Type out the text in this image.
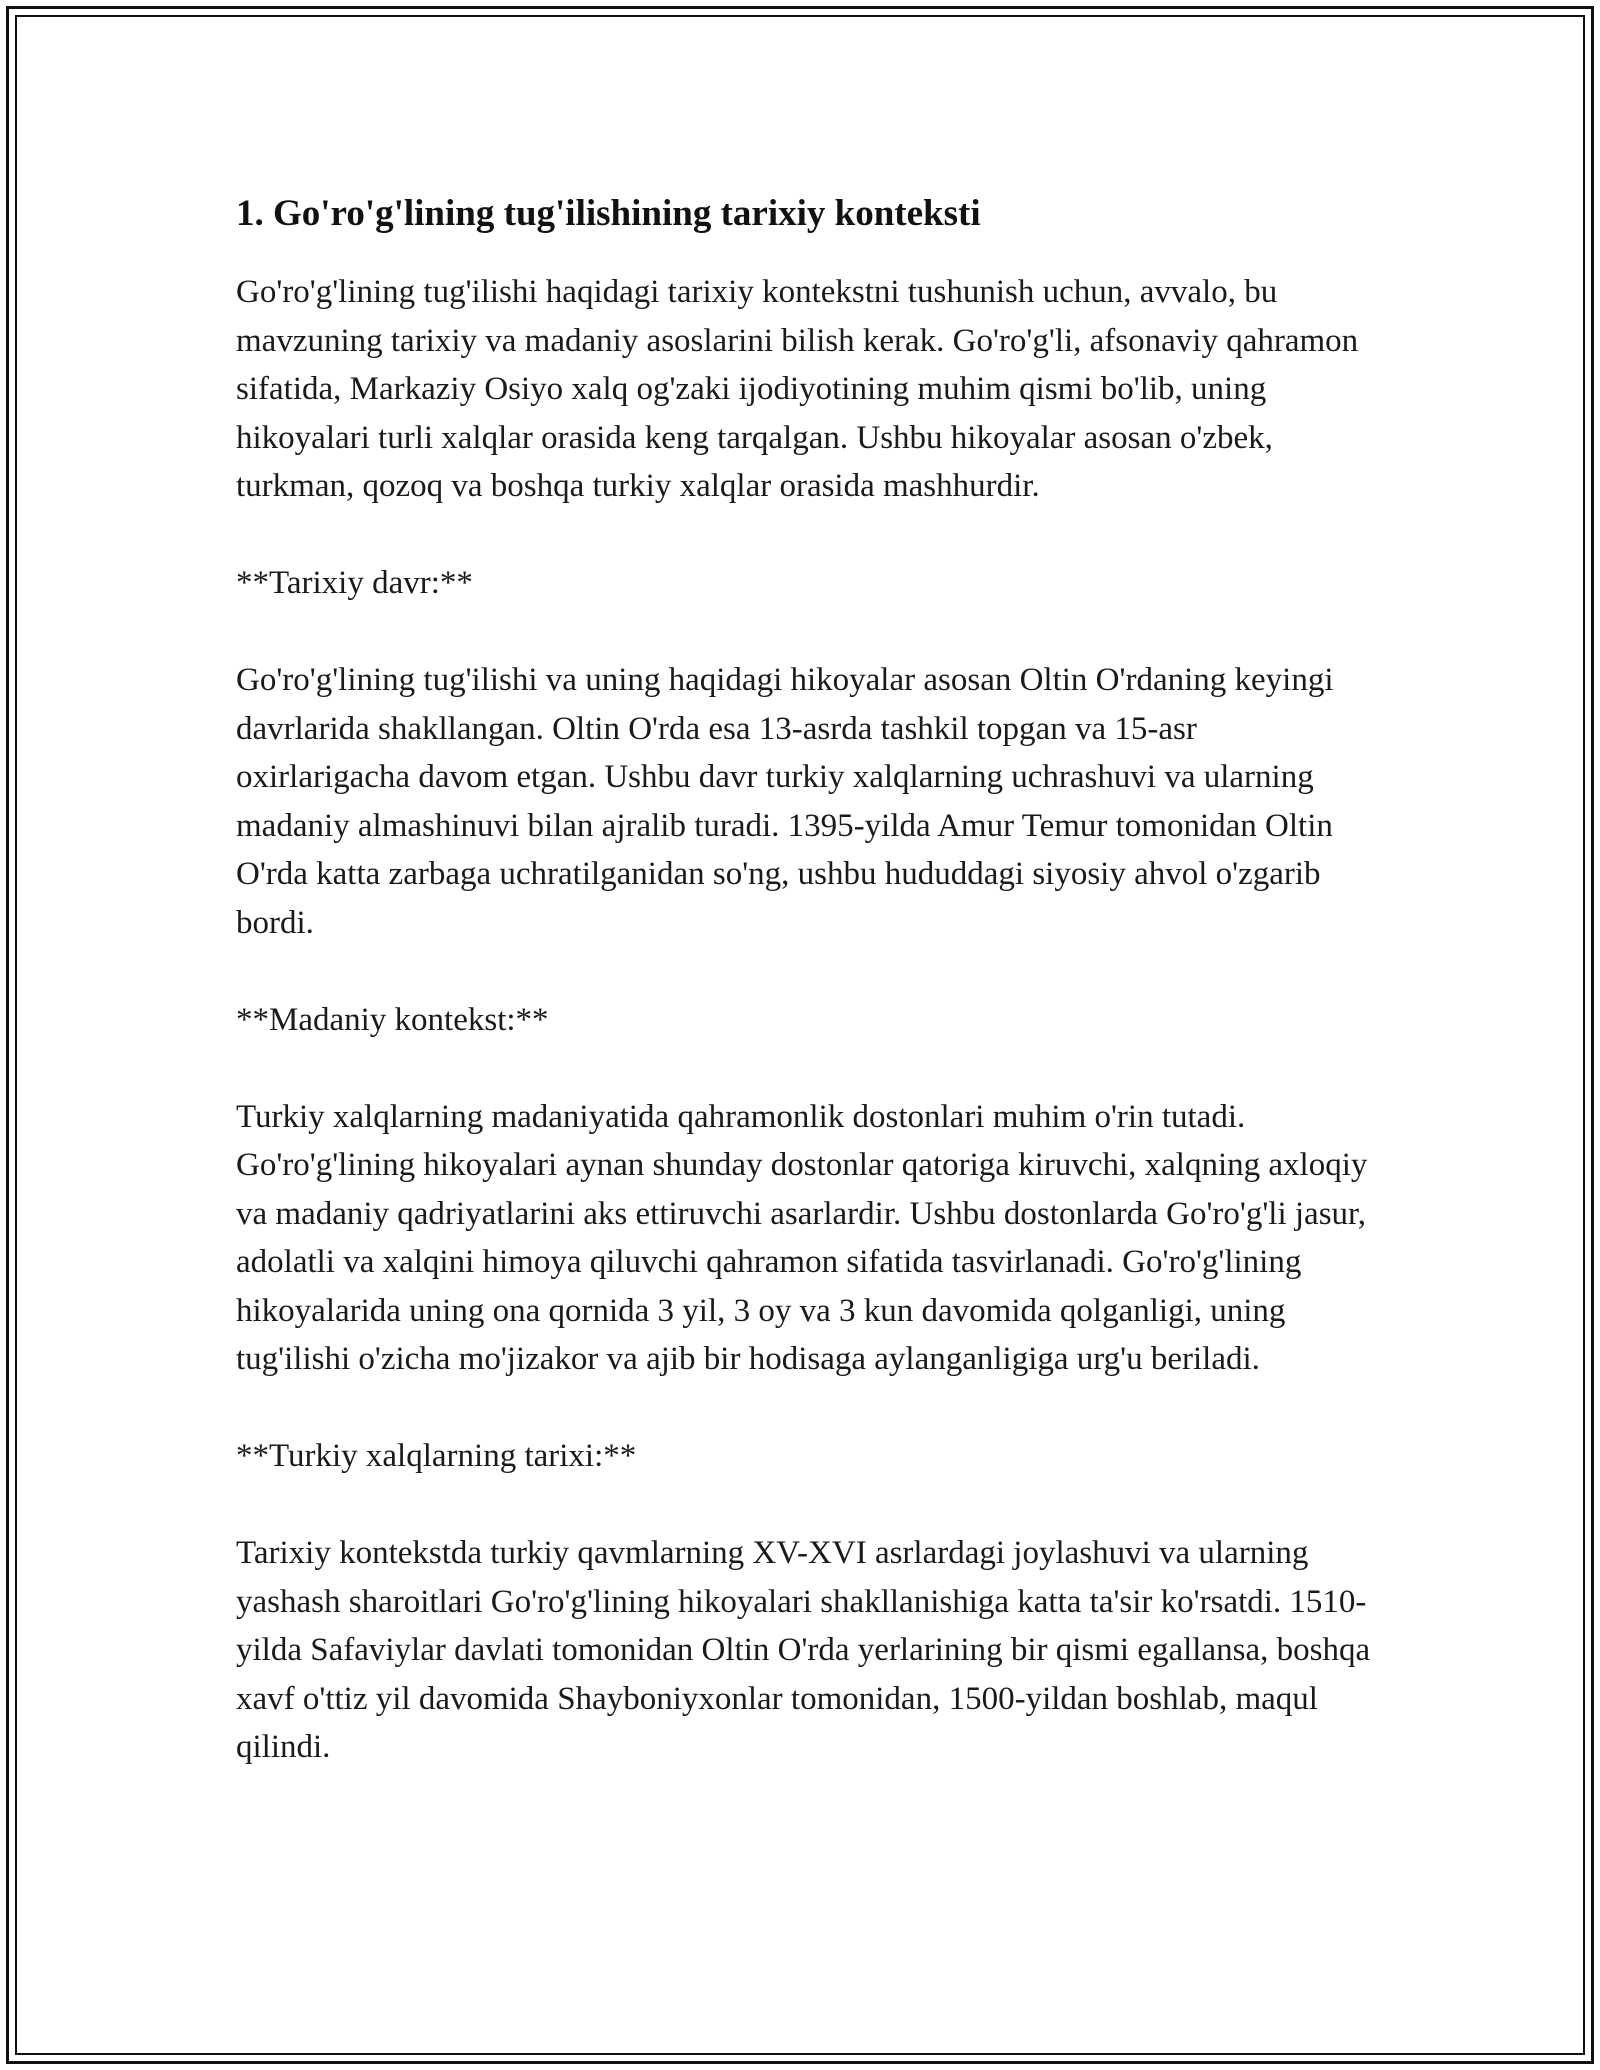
1. Go'ro'g'lining tug'ilishining tarixiy konteksti

Go'ro'g'lining tug'ilishi haqidagi tarixiy kontekstni tushunish uchun, avvalo, bu mavzuning tarixiy va madaniy asoslarini bilish kerak. Go'ro'g'li, afsonaviy qahramon sifatida, Markaziy Osiyo xalq og'zaki ijodiyotining muhim qismi bo'lib, uning hikoyalari turli xalqlar orasida keng tarqalgan. Ushbu hikoyalar asosan o'zbek, turkman, qozoq va boshqa turkiy xalqlar orasida mashhurdir.

**Tarixiy davr:**

Go'ro'g'lining tug'ilishi va uning haqidagi hikoyalar asosan Oltin O'rdaning keyingi davrlarida shakllangan. Oltin O'rda esa 13-asrda tashkil topgan va 15-asr oxirlarigacha davom etgan. Ushbu davr turkiy xalqlarning uchrashuvi va ularning madaniy almashinuvi bilan ajralib turadi. 1395-yilda Amur Temur tomonidan Oltin O'rda katta zarbaga uchratilganidan so'ng, ushbu hududdagi siyosiy ahvol o'zgarib bordi.

**Madaniy kontekst:**

Turkiy xalqlarning madaniyatida qahramonlik dostonlari muhim o'rin tutadi. Go'ro'g'lining hikoyalari aynan shunday dostonlar qatoriga kiruvchi, xalqning axloqiy va madaniy qadriyatlarini aks ettiruvchi asarlardir. Ushbu dostonlarda Go'ro'g'li jasur, adolatli va xalqini himoya qiluvchi qahramon sifatida tasvirlanadi. Go'ro'g'lining hikoyalarida uning ona qornida 3 yil, 3 oy va 3 kun davomida qolganligi, uning tug'ilishi o'zicha mo'jizakor va ajib bir hodisaga aylanganligiga urg'u beriladi.

**Turkiy xalqlarning tarixi:**

Tarixiy kontekstda turkiy qavmlarning XV-XVI asrlardagi joylashuvi va ularning yashash sharoitlari Go'ro'g'lining hikoyalari shakllanishiga katta ta'sir ko'rsatdi. 1510-yilda Safaviylar davlati tomonidan Oltin O'rda yerlarining bir qismi egallansa, boshqa xavf o'ttiz yil davomida Shayboniyxonlar tomonidan, 1500-yildan boshlab, maqul qilindi.
